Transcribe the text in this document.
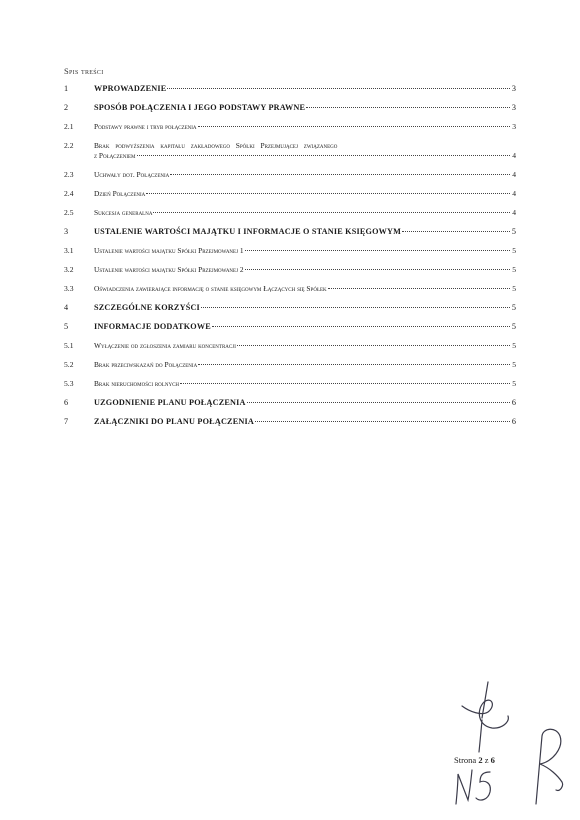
Spis treści
1	WPROWADZENIE	3
2	SPOSÓB POŁĄCZENIA I JEGO PODSTAWY PRAWNE	3
2.1	Podstawy prawne i tryb połączenia	3
2.2	Brak podwyższenia kapitału zakładowego Spółki Przejmującej związanego
z Połączeniem	4
2.3	Uchwały dot. Połączenia	4
2.4	Dzień Połączenia	4
2.5	Sukcesja generalna	4
3	USTALENIE WARTOŚCI MAJĄTKU I INFORMACJE O STANIE KSIĘGOWYM	5
3.1	Ustalenie wartości majątku Spółki Przejmowanej 1	5
3.2	Ustalenie wartości majątku Spółki Przejmowanej 2	5
3.3	Oświadczenia zawierające informację o stanie księgowym Łączących się Spółek	5
4	SZCZEGÓLNE KORZYŚCI	5
5	INFORMACJE DODATKOWE	5
5.1	Wyłączenie od zgłoszenia zamiaru koncentracji	5
5.2	Brak przeciwskazań do Połączenia	5
5.3	Brak nieruchomości rolnych	5
6	UZGODNIENIE PLANU POŁĄCZENIA	6
7	ZAŁĄCZNIKI DO PLANU POŁĄCZENIA	6
Strona 2 z 6
